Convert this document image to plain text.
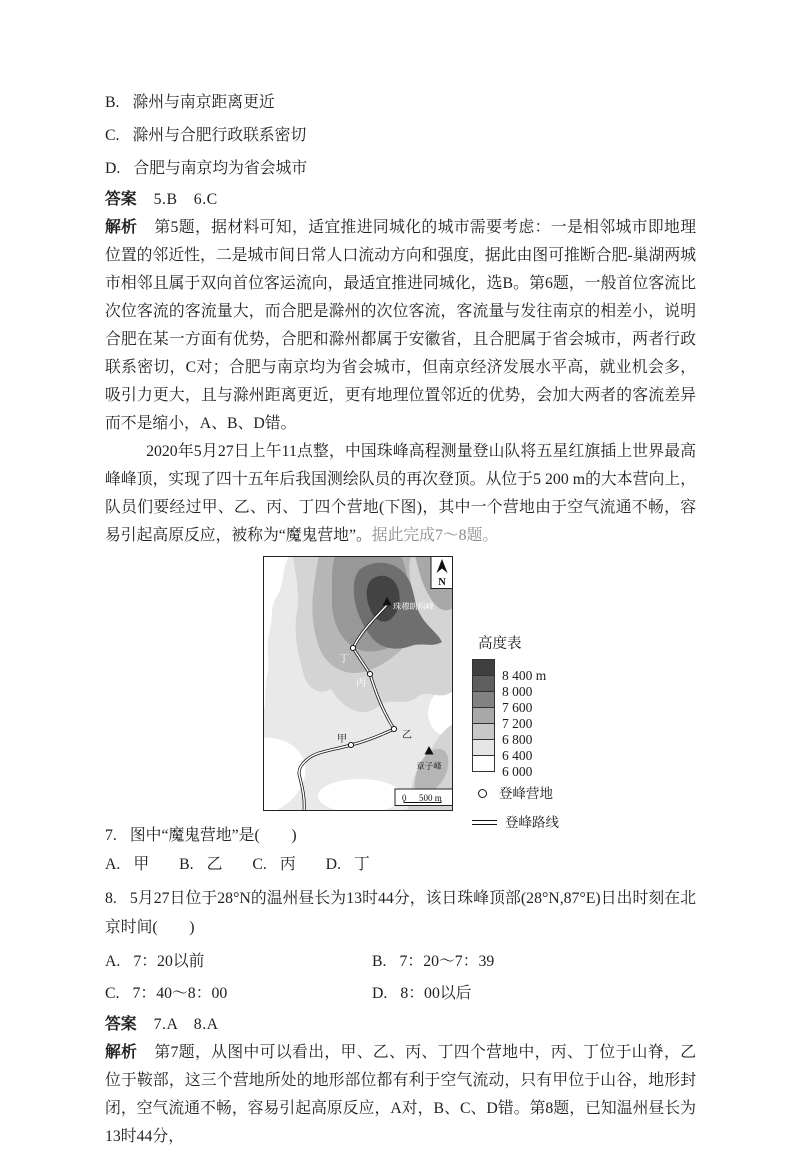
B. 滁州与南京距离更近
C. 滁州与合肥行政联系密切
D. 合肥与南京均为省会城市

答案 5.B　6.C

解析 第5题，据材料可知，适宜推进同城化的城市需要考虑：一是相邻城市即地理位置的邻近性，二是城市间日常人口流动方向和强度，据此由图可推断合肥-巢湖两城市相邻且属于双向首位客运流向，最适宜推进同城化，选B。第6题，一般首位客流比次位客流的客流量大，而合肥是滁州的次位客流，客流量与发往南京的相差小，说明合肥在某一方面有优势，合肥和滁州都属于安徽省，且合肥属于省会城市，两者行政联系密切，C对；合肥与南京均为省会城市，但南京经济发展水平高，就业机会多，吸引力更大，且与滁州距离更近，更有地理位置邻近的优势，会加大两者的客流差异而不是缩小，A、B、D错。

2020年5月27日上午11点整，中国珠峰高程测量登山队将五星红旗插上世界最高峰峰顶，实现了四十五年后我国测绘队员的再次登顶。从位于5 200 m的大本营向上，队员们要经过甲、乙、丙、丁四个营地(下图)，其中一个营地由于空气流通不畅，容易引起高原反应，被称为“魔鬼营地”。据此完成7～8题。

珠穆朗玛峰
丁
丙
乙
甲
章子峰
N
0 500 m
高度表
8 400 m
8 000
7 600
7 200
6 800
6 400
6 000
登峰营地
登峰路线

7. 图中“魔鬼营地”是(　　)

A. 甲 B. 乙 C. 丙 D. 丁

8. 5月27日位于28°N的温州昼长为13时44分，该日珠峰顶部(28°N,87°E)日出时刻在北京时间(　　)

A. 7：20以前	B. 7：20～7：39
C. 7：40～8：00	D. 8：00以后

答案 7.A　8.A

解析 第7题，从图中可以看出，甲、乙、丙、丁四个营地中，丙、丁位于山脊，乙位于鞍部，这三个营地所处的地形部位都有利于空气流动，只有甲位于山谷，地形封闭，空气流通不畅，容易引起高原反应，A对，B、C、D错。第8题，已知温州昼长为13时44分，
